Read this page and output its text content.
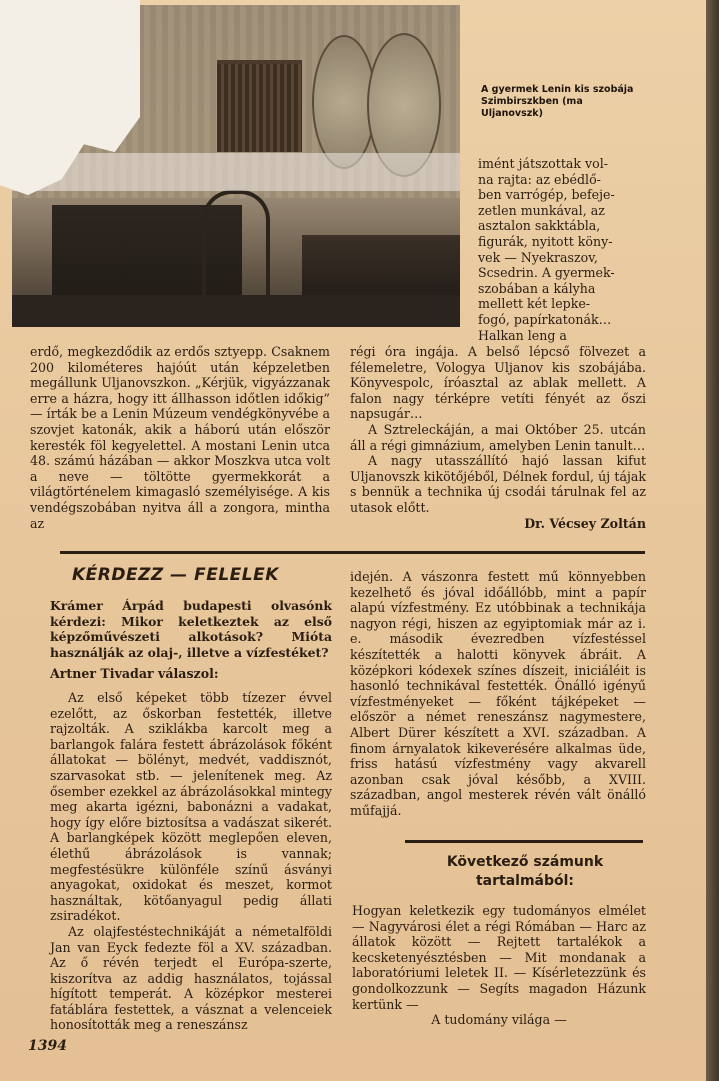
A gyermek Lenin kis szobája Szimbirszkben (ma Uljanovszk)
imént játszottak vol-
na rajta: az ebédlő-
ben varrógép, befeje-
zetlen munkával, az
asztalon sakktábla,
figurák, nyitott köny-
vek — Nyekraszov,
Scsedrin. A gyermek-
szobában a kályha
mellett két lepke-
fogó, papírkatonák…
Halkan leng a

erdő, megkezdődik az erdős sztyepp. Csaknem 200 kilométeres hajóút után képzeletben megállunk Uljanovszkon. „Kérjük, vigyázzanak erre a házra, hogy itt állhasson időtlen időkig” — írták be a Lenin Múzeum vendégkönyvébe a szovjet katonák, akik a háború után először keresték föl kegyelettel. A mostani Lenin utca 48. számú házában — akkor Moszkva utca volt a neve — töltötte gyermekkorát a világtörténelem kimagasló személyisége. A kis vendégszobában nyitva áll a zongora, mintha az

régi óra ingája. A belső lépcső fölvezet a félemeletre, Vologya Uljanov kis szobájába. Könyvespolc, íróasztal az ablak mellett. A falon nagy térképre vetíti fényét az őszi napsugár…

A Sztreleckáján, a mai Október 25. utcán áll a régi gimnázium, amelyben Lenin tanult…

A nagy utasszállító hajó lassan kifut Uljanovszk kikötőjéből, Délnek fordul, új tájak s bennük a technika új csodái tárulnak fel az utasok előtt.

Dr. Vécsey Zoltán
KÉRDEZZ — FELELEK
Krámer Árpád budapesti olvasónk kérdezi: Mikor keletkeztek az első képzőművészeti alkotások? Mióta használják az olaj-, illetve a vízfestéket?
Artner Tivadar válaszol:

Az első képeket több tízezer évvel ezelőtt, az őskorban festették, illetve rajzolták. A sziklákba karcolt meg a barlangok falára festett ábrázolások főként állatokat — bölényt, medvét, vaddisznót, szarvasokat stb. — jelenítenek meg. Az ősember ezekkel az ábrázolásokkal mintegy meg akarta igézni, babonázni a vadakat, hogy így előre biztosítsa a vadászat sikerét. A barlangképek között meglepően eleven, élethű ábrázolások is vannak; megfestésükre különféle színű ásványi anyagokat, oxidokat és meszet, kormot használtak, kötőanyagul pedig állati zsiradékot.

Az olajfestéstechnikáját a németalföldi Jan van Eyck fedezte föl a XV. században. Az ő révén terjedt el Európa-szerte, kiszorítva az addig használatos, tojással hígított temperát. A középkor mesterei fatáblára festettek, a vásznat a velenceiek honosították meg a reneszánsz

idején. A vászonra festett mű könnyebben kezelhető és jóval időállóbb, mint a papír alapú vízfestmény. Ez utóbbinak a technikája nagyon régi, hiszen az egyiptomiak már az i. e. második évezredben vízfestéssel készítették a halotti könyvek ábráit. A középkori kódexek színes díszeit, iniciáléit is hasonló technikával festették. Önálló igényű vízfestményeket — főként tájképeket — először a német reneszánsz nagymestere, Albert Dürer készített a XVI. században. A finom árnyalatok kikeverésére alkalmas üde, friss hatású vízfestmény vagy akvarell azonban csak jóval később, a XVIII. században, angol mesterek révén vált önálló műfajjá.

Következő számunk tartalmából:

Hogyan keletkezik egy tudományos elmélet — Nagyvárosi élet a régi Rómában — Harc az állatok között — Rejtett tartalékok a kecsketenyésztésben — Mit mondanak a laboratóriumi leletek II. — Kísérletezzünk és gondolkozzunk — Segíts magadon Házunk kertünk —

A tudomány világa —
1394
